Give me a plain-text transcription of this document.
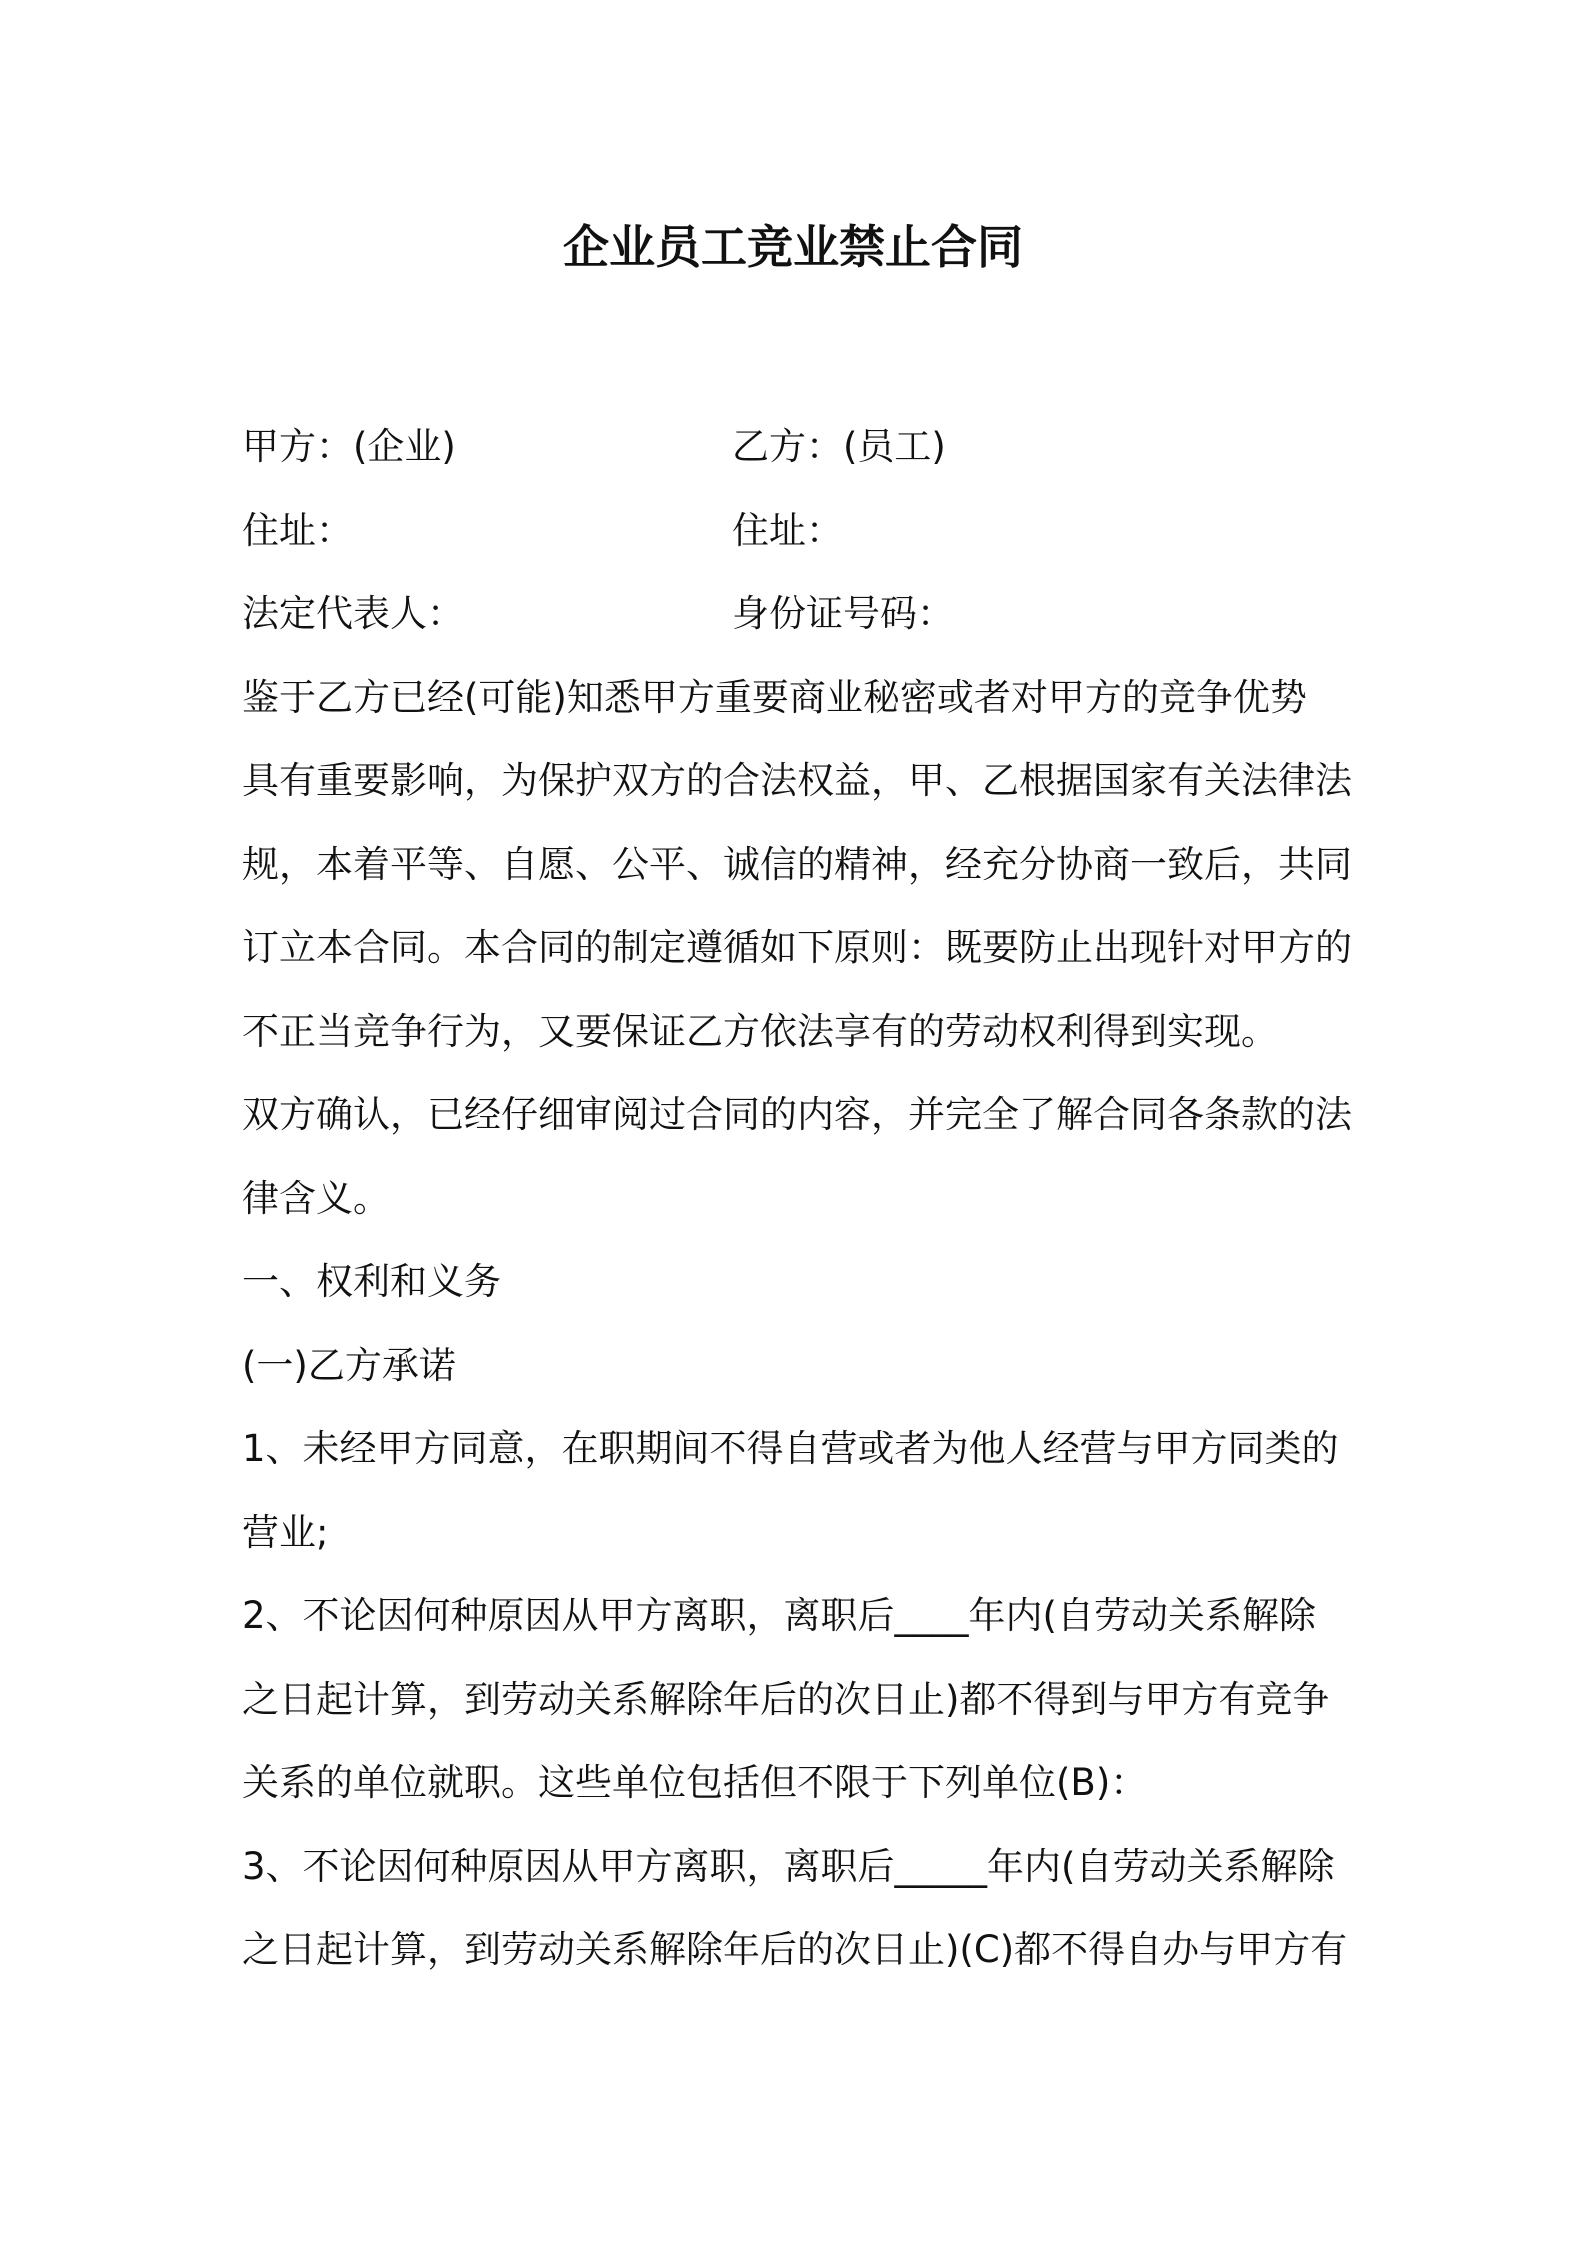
企业员工竞业禁止合同
甲方：(企业)	乙方：(员工)
住址：	住址：
法定代表人：	身份证号码：
鉴于乙方已经(可能)知悉甲方重要商业秘密或者对甲方的竞争优势
具有重要影响，为保护双方的合法权益，甲、乙根据国家有关法律法
规，本着平等、自愿、公平、诚信的精神，经充分协商一致后，共同
订立本合同。本合同的制定遵循如下原则：既要防止出现针对甲方的
不正当竞争行为，又要保证乙方依法享有的劳动权利得到实现。
双方确认，已经仔细审阅过合同的内容，并完全了解合同各条款的法
律含义。
一、权利和义务
(一)乙方承诺
1、未经甲方同意，在职期间不得自营或者为他人经营与甲方同类的
营业;
2、不论因何种原因从甲方离职，离职后____年内(自劳动关系解除
之日起计算，到劳动关系解除年后的次日止)都不得到与甲方有竞争
关系的单位就职。这些单位包括但不限于下列单位(B)：
3、不论因何种原因从甲方离职，离职后_____年内(自劳动关系解除
之日起计算，到劳动关系解除年后的次日止)(C)都不得自办与甲方有
